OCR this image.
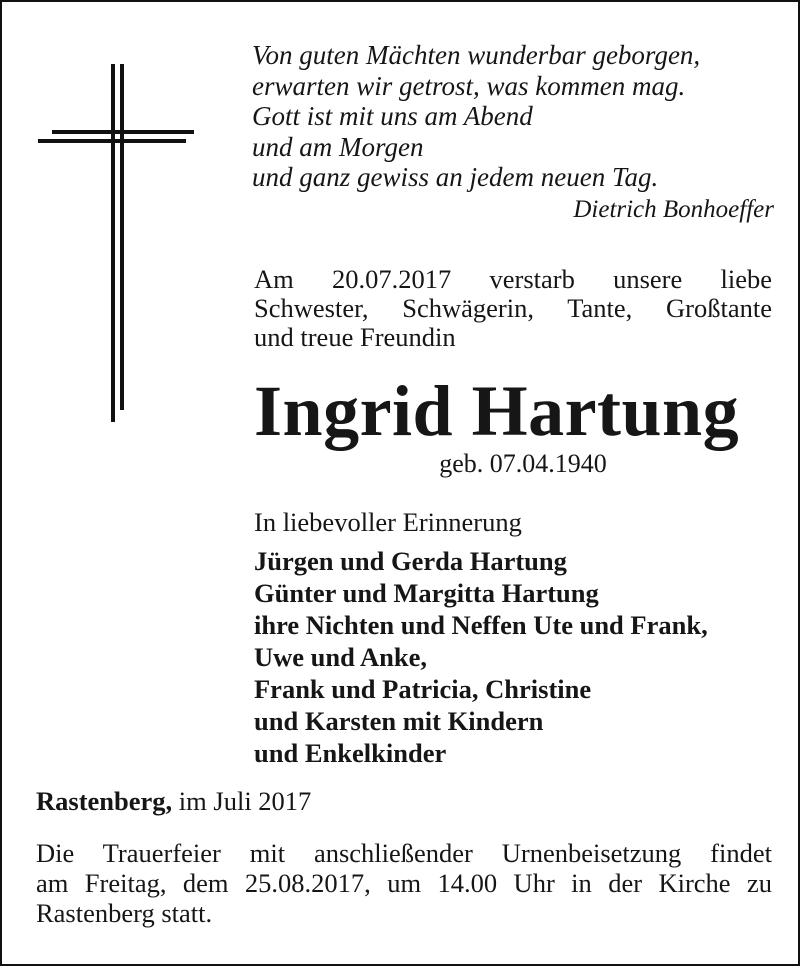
Von guten Mächten wunderbar geborgen,
erwarten wir getrost, was kommen mag.
Gott ist mit uns am Abend
und am Morgen
und ganz gewiss an jedem neuen Tag.
Dietrich Bonhoeffer
Am 20.07.2017 verstarb unsere liebe
Schwester, Schwägerin, Tante, Großtante
und treue Freundin
Ingrid Hartung
geb. 07.04.1940
In liebevoller Erinnerung
Jürgen und Gerda Hartung
Günter und Margitta Hartung
ihre Nichten und Neffen Ute und Frank,
Uwe und Anke,
Frank und Patricia, Christine
und Karsten mit Kindern
und Enkelkinder
Rastenberg, im Juli 2017
Die Trauerfeier mit anschließender Urnenbeisetzung findet
am Freitag, dem 25.08.2017, um 14.00 Uhr in der Kirche zu
Rastenberg statt.
